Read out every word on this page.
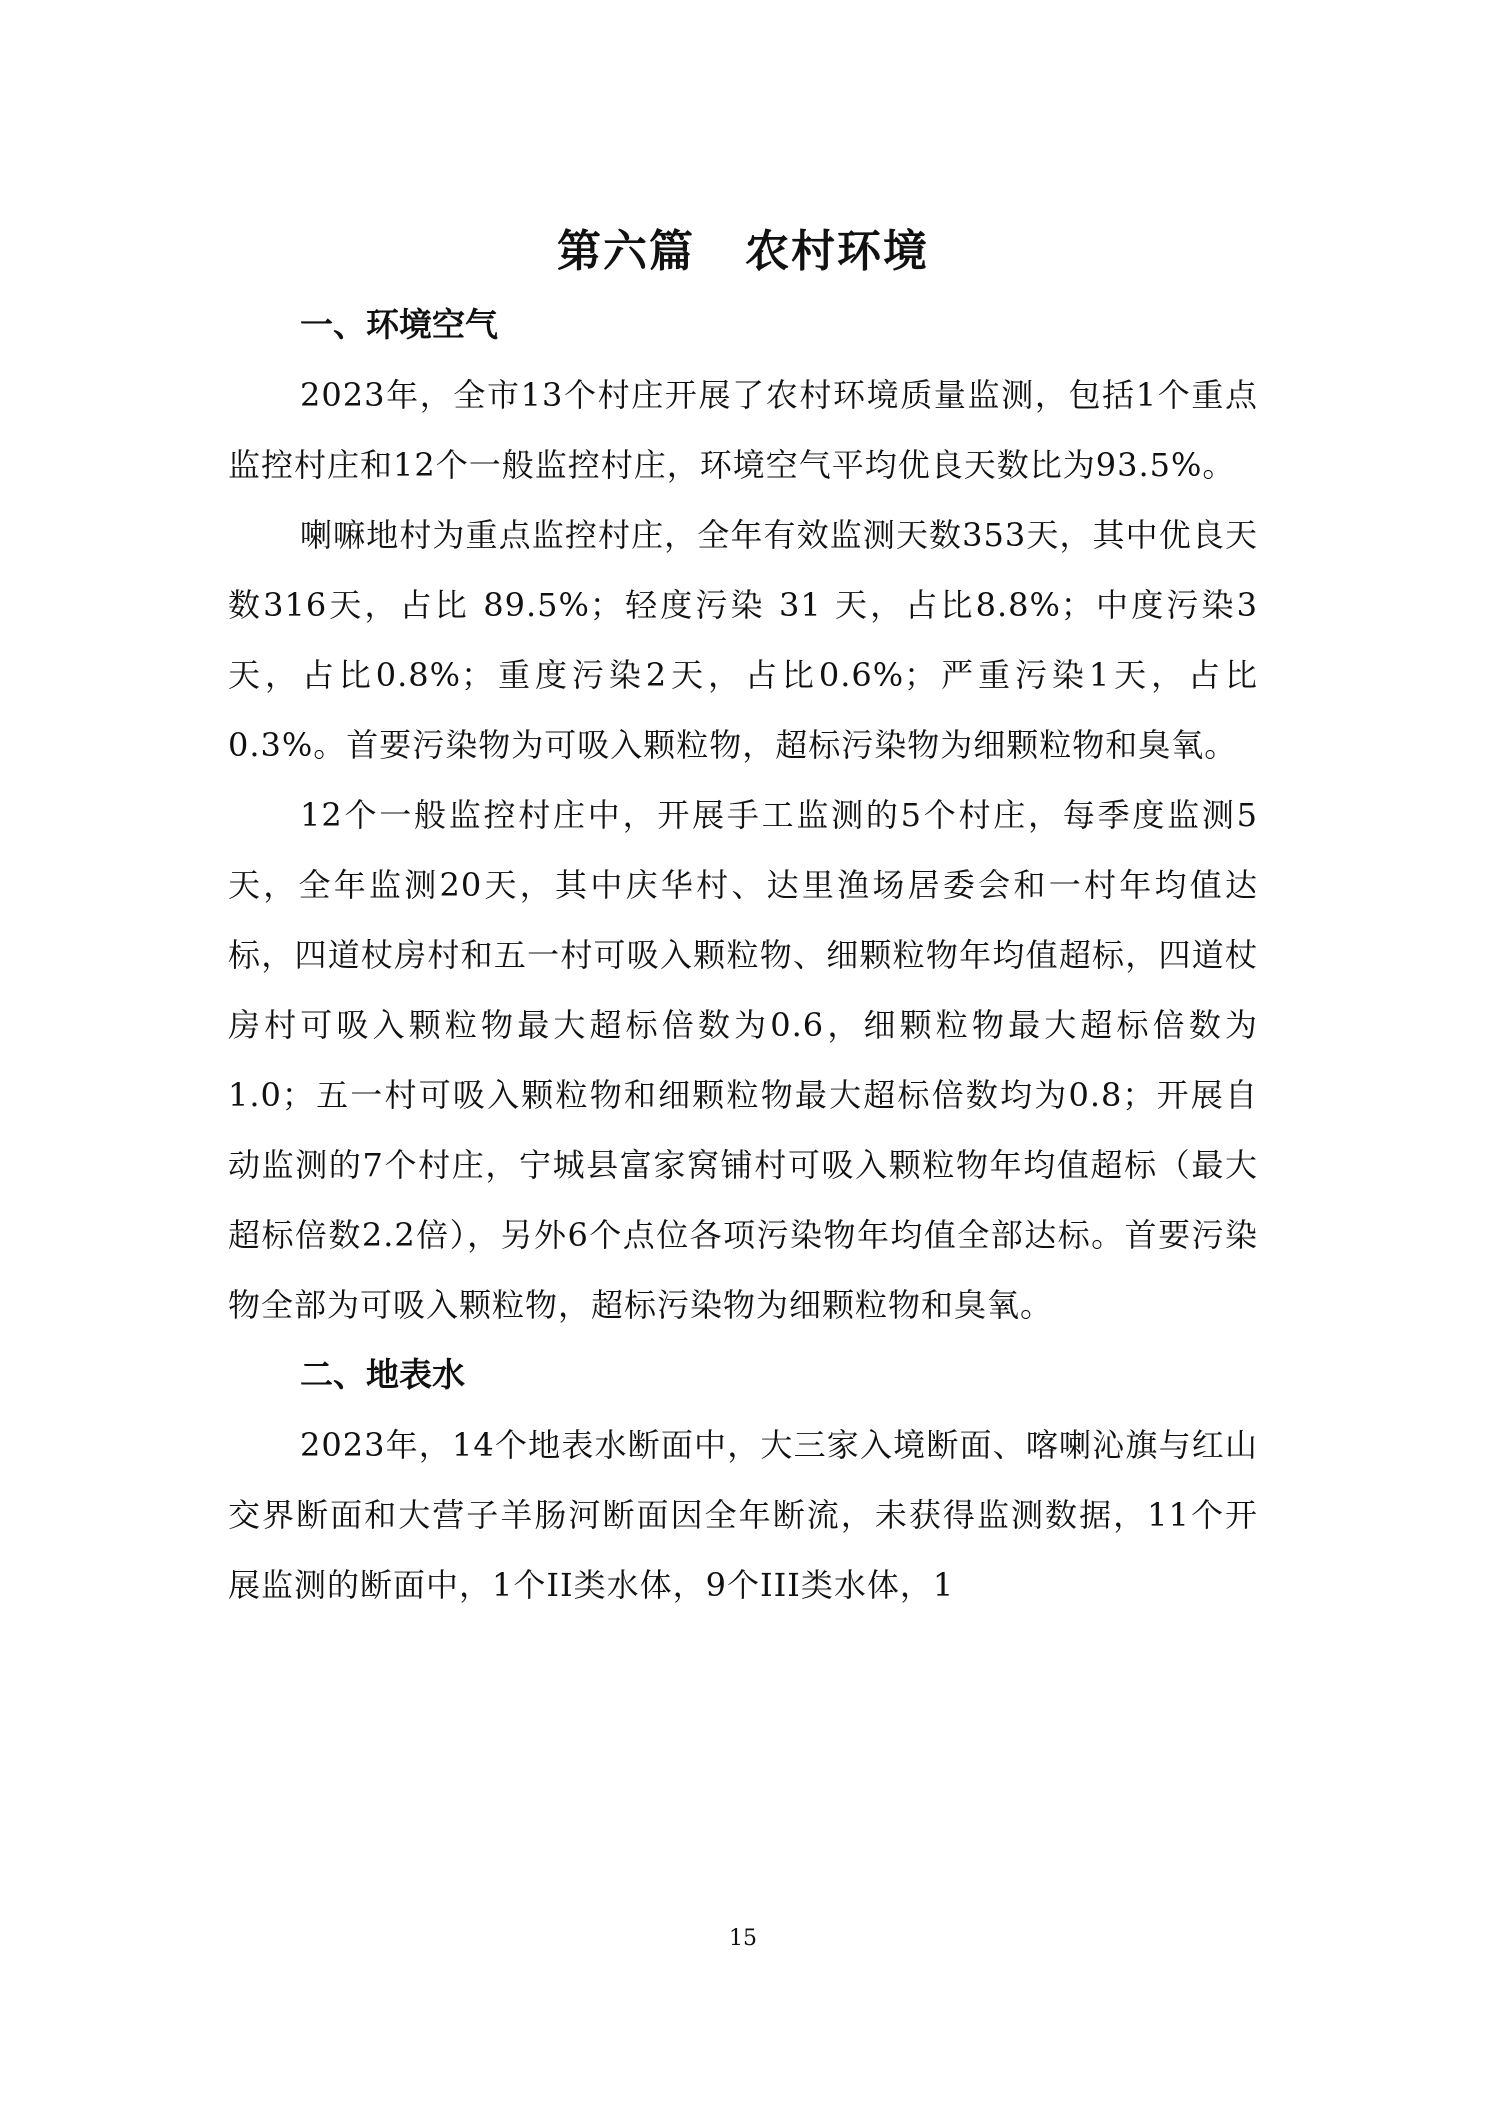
第六篇 农村环境

一、环境空气

2023年，全市13个村庄开展了农村环境质量监测，包括1个重点监控村庄和12个一般监控村庄，环境空气平均优良天数比为93.5%。

喇嘛地村为重点监控村庄，全年有效监测天数353天，其中优良天数316天，占比 89.5%；轻度污染 31 天，占比8.8%；中度污染3天，占比0.8%；重度污染2天，占比0.6%；严重污染1天，占比 0.3%。首要污染物为可吸入颗粒物，超标污染物为细颗粒物和臭氧。

12个一般监控村庄中，开展手工监测的5个村庄，每季度监测5天，全年监测20天，其中庆华村、达里渔场居委会和一村年均值达标，四道杖房村和五一村可吸入颗粒物、细颗粒物年均值超标，四道杖房村可吸入颗粒物最大超标倍数为0.6，细颗粒物最大超标倍数为1.0；五一村可吸入颗粒物和细颗粒物最大超标倍数均为0.8；开展自动监测的7个村庄，宁城县富家窝铺村可吸入颗粒物年均值超标（最大超标倍数2.2倍），另外6个点位各项污染物年均值全部达标。首要污染物全部为可吸入颗粒物，超标污染物为细颗粒物和臭氧。

二、地表水

2023年，14个地表水断面中，大三家入境断面、喀喇沁旗与红山交界断面和大营子羊肠河断面因全年断流，未获得监测数据，11个开展监测的断面中，1个II类水体，9个III类水体，1

15
